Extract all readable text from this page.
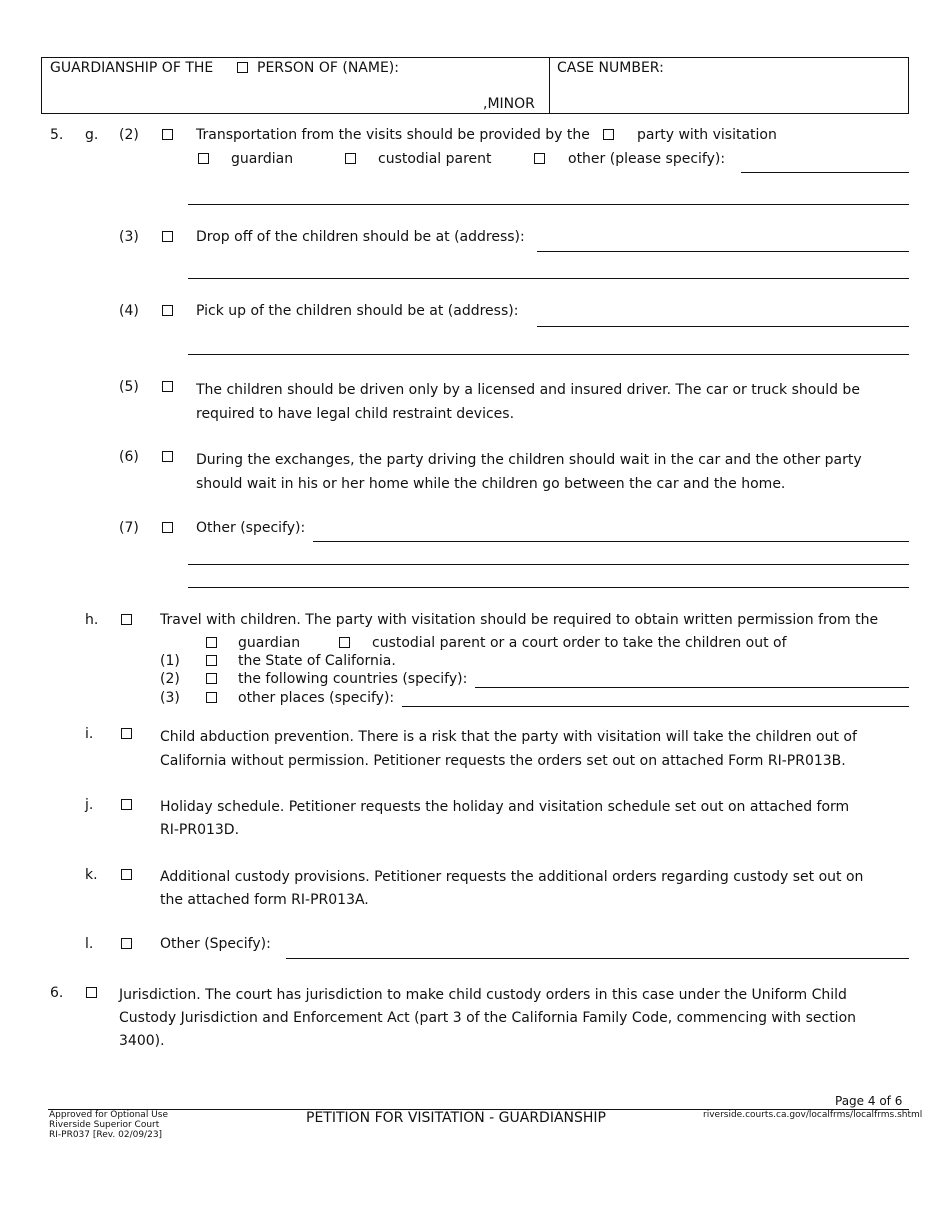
GUARDIANSHIP OF THE	PERSON OF (NAME):
,MINOR
CASE NUMBER:
5. g. (2)	Transportation from the visits should be provided by the	party with visitation
guardian	custodial parent	other (please specify):
(3)	Drop off of the children should be at (address):
(4)	Pick up of the children should be at (address):
(5)	The children should be driven only by a licensed and insured driver. The car or truck should be required to have legal child restraint devices.
(6)	During the exchanges, the party driving the children should wait in the car and the other party should wait in his or her home while the children go between the car and the home.
(7)	Other (specify):
h.	Travel with children. The party with visitation should be required to obtain written permission from the
guardian	custodial parent or a court order to take the children out of
(1)	the State of California.
(2)	the following countries (specify):
(3)	other places (specify):
i.	Child abduction prevention. There is a risk that the party with visitation will take the children out of California without permission. Petitioner requests the orders set out on attached Form RI-PR013B.
j.	Holiday schedule. Petitioner requests the holiday and visitation schedule set out on attached form RI-PR013D.
k.	Additional custody provisions. Petitioner requests the additional orders regarding custody set out on the attached form RI-PR013A.
l.	Other (Specify):
6.	Jurisdiction. The court has jurisdiction to make child custody orders in this case under the Uniform Child Custody Jurisdiction and Enforcement Act (part 3 of the California Family Code, commencing with section 3400).
Page 4 of 6
Approved for Optional Use
Riverside Superior Court
RI-PR037 [Rev. 02/09/23]
PETITION FOR VISITATION - GUARDIANSHIP	riverside.courts.ca.gov/localfrms/localfrms.shtml
